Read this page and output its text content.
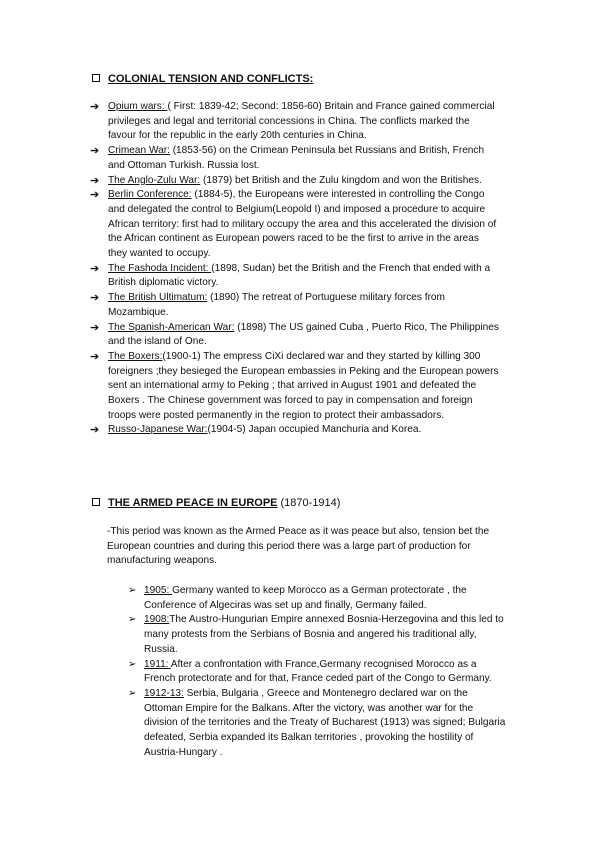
COLONIAL TENSION AND CONFLICTS:
➔ Opium wars: ( First: 1839-42; Second: 1856-60) Britain and France gained commercial privileges and legal and territorial concessions in China. The conflicts marked the favour for the republic in the early 20th centuries in China.
➔ Crimean War: (1853-56) on the Crimean Peninsula bet Russians and British, French and Ottoman Turkish. Russia lost.
➔ The Anglo-Zulu War: (1879) bet British and the Zulu kingdom and won the Britishes.
➔ Berlin Conference: (1884-5), the Europeans were interested in controlling the Congo and delegated the control to Belgium(Leopold I) and imposed a procedure to acquire African territory: first had to military occupy the area and this accelerated the division of the African continent as European powers raced to be the first to arrive in the areas they wanted to occupy.
➔ The Fashoda Incident: (1898, Sudan) bet the British and the French that ended with a British diplomatic victory.
➔ The British Ultimatum: (1890) The retreat of Portuguese military forces from Mozambique.
➔ The Spanish-American War: (1898) The US gained Cuba , Puerto Rico, The Philippines and the island of One.
➔ The Boxers:(1900-1) The empress CiXi declared war and they started by killing 300 foreigners ;they besieged the European embassies in Peking and the European powers sent an international army to Peking ; that arrived in August 1901 and defeated the Boxers . The Chinese government was forced to pay in compensation and foreign troops were posted permanently in the region to protect their ambassadors.
➔ Russo-Japanese War:(1904-5) Japan occupied Manchuria and Korea.
THE ARMED PEACE IN EUROPE (1870-1914)
-This period was known as the Armed Peace as it was peace but also, tension bet the European countries and during this period there was a large part of production for manufacturing weapons.
➢ 1905: Germany wanted to keep Morocco as a German protectorate , the Conference of Algeciras was set up and finally, Germany failed.
➢ 1908:The Austro-Hungurian Empire annexed Bosnia-Herzegovina and this led to many protests from the Serbians of Bosnia and angered his traditional ally, Russia.
➢ 1911: After a confrontation with France,Germany recognised Morocco as a French protectorate and for that, France ceded part of the Congo to Germany.
➢ 1912-13: Serbia, Bulgaria , Greece and Montenegro declared war on the Ottoman Empire for the Balkans. After the victory, was another war for the division of the territories and the Treaty of Bucharest (1913) was signed; Bulgaria defeated, Serbia expanded its Balkan territories , provoking the hostility of Austria-Hungary .
